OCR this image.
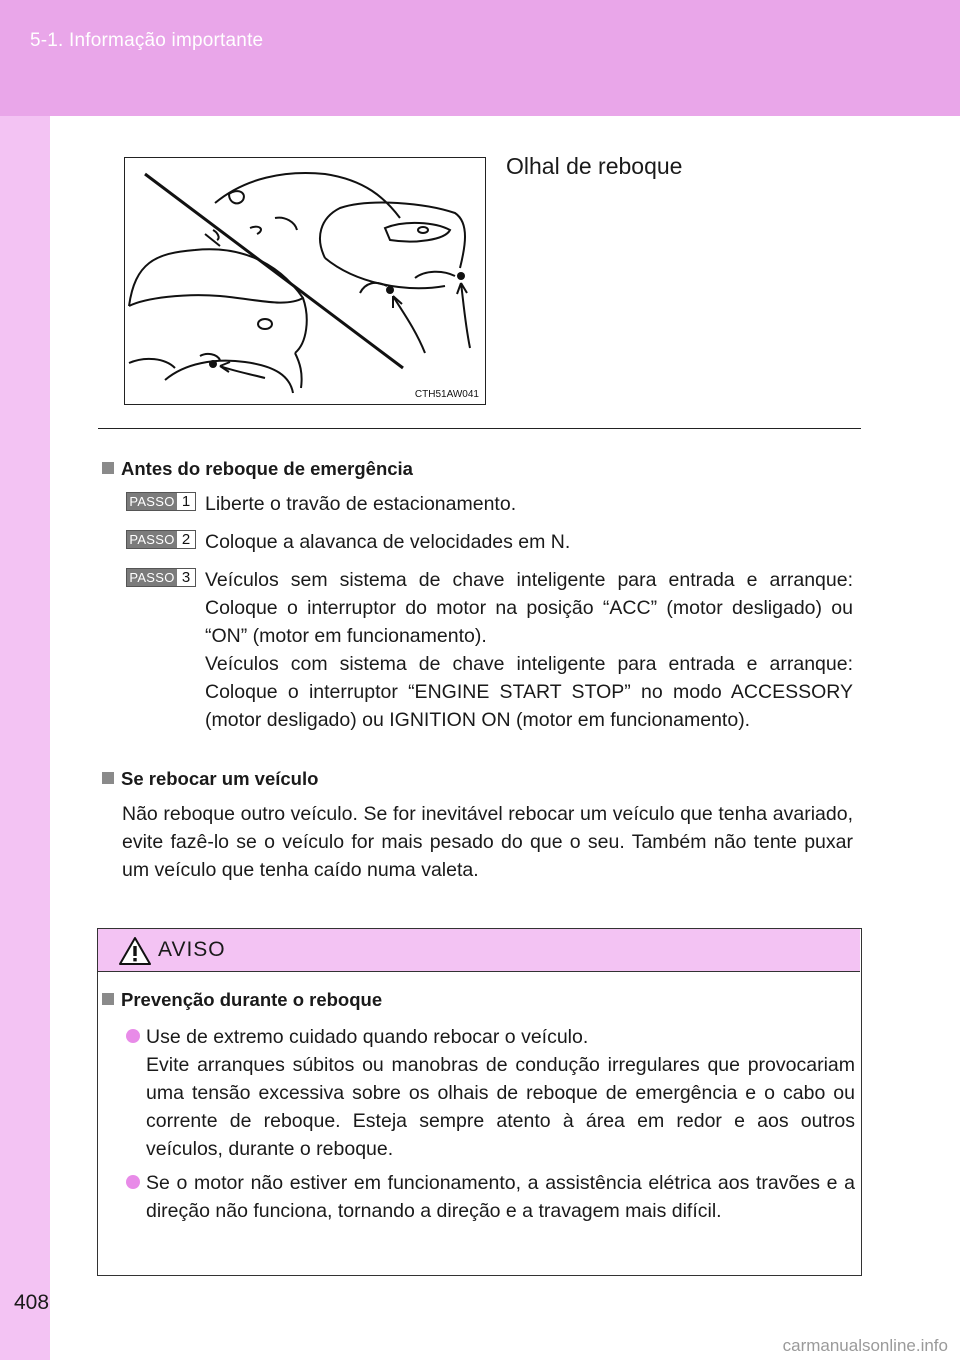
5-1. Informação importante
408
CTH51AW041
Olhal de reboque
Antes do reboque de emergência
PASSO 1 Liberte o travão de estacionamento.
PASSO 2 Coloque a alavanca de velocidades em N.
PASSO 3 Veículos sem sistema de chave inteligente para entrada e arranque: Coloque o interruptor do motor na posição “ACC” (motor desligado) ou “ON” (motor em funcionamento).
Veículos com sistema de chave inteligente para entrada e arranque: Coloque o interruptor “ENGINE START STOP” no modo ACCESSORY (motor desligado) ou IGNITION ON (motor em funcionamento).
Se rebocar um veículo
Não reboque outro veículo. Se for inevitável rebocar um veículo que tenha avariado, evite fazê-lo se o veículo for mais pesado do que o seu. Também não tente puxar um veículo que tenha caído numa valeta.
AVISO
Prevenção durante o reboque
Use de extremo cuidado quando rebocar o veículo.
Evite arranques súbitos ou manobras de condução irregulares que provocariam uma tensão excessiva sobre os olhais de reboque de emergência e o cabo ou corrente de reboque. Esteja sempre atento à área em redor e aos outros veículos, durante o reboque.
Se o motor não estiver em funcionamento, a assistência elétrica aos travões e a direção não funciona, tornando a direção e a travagem mais difícil.
carmanualsonline.info
